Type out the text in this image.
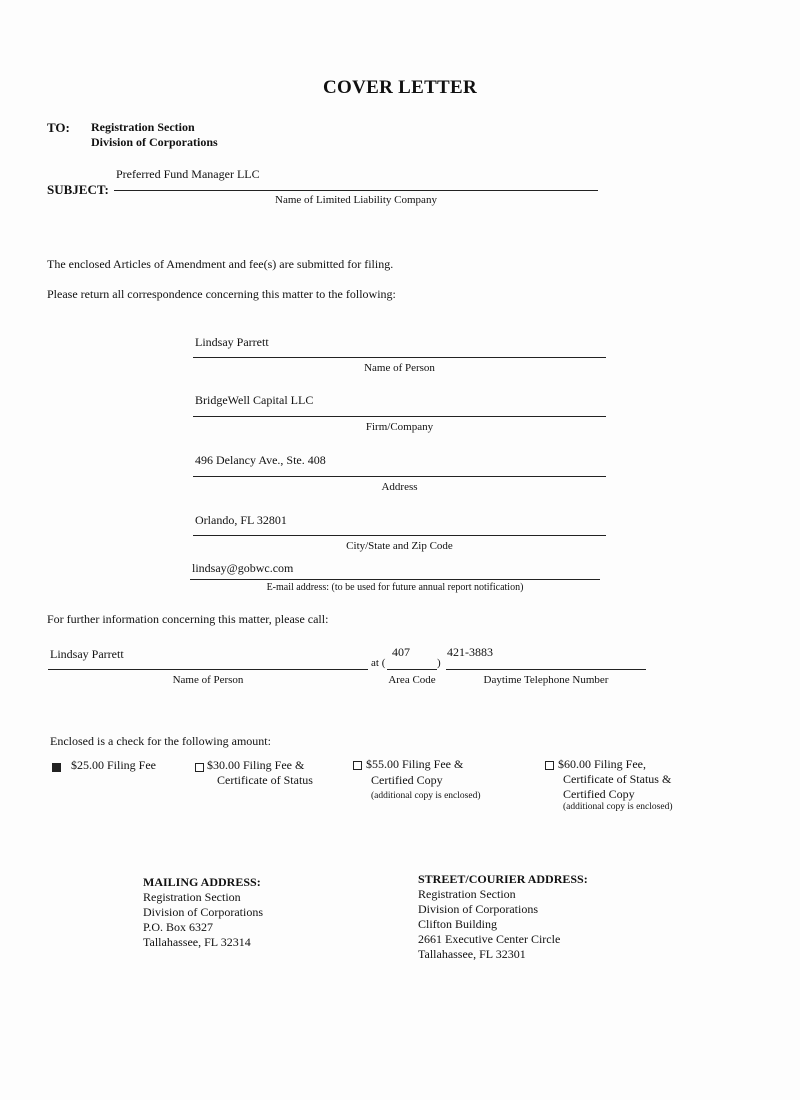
COVER LETTER
TO: Registration Section
Division of Corporations
SUBJECT:
Preferred Fund Manager LLC
Name of Limited Liability Company
The enclosed Articles of Amendment and fee(s) are submitted for filing.
Please return all correspondence concerning this matter to the following:
Lindsay Parrett
Name of Person
BridgeWell Capital LLC
Firm/Company
496 Delancy Ave., Ste. 408
Address
Orlando, FL 32801
City/State and Zip Code
lindsay@gobwc.com
E-mail address: (to be used for future annual report notification)
For further information concerning this matter, please call:
Lindsay Parrett
Name of Person
at (
407
)
Area Code
421-3883
Daytime Telephone Number
Enclosed is a check for the following amount:
$25.00 Filing Fee	$30.00 Filing Fee &
Certificate of Status
$55.00 Filing Fee &
Certified Copy
(additional copy is enclosed)
$60.00 Filing Fee,
Certificate of Status &
Certified Copy
(additional copy is enclosed)
MAILING ADDRESS:
Registration Section
Division of Corporations
P.O. Box 6327
Tallahassee, FL 32314
STREET/COURIER ADDRESS:
Registration Section
Division of Corporations
Clifton Building
2661 Executive Center Circle
Tallahassee, FL 32301
